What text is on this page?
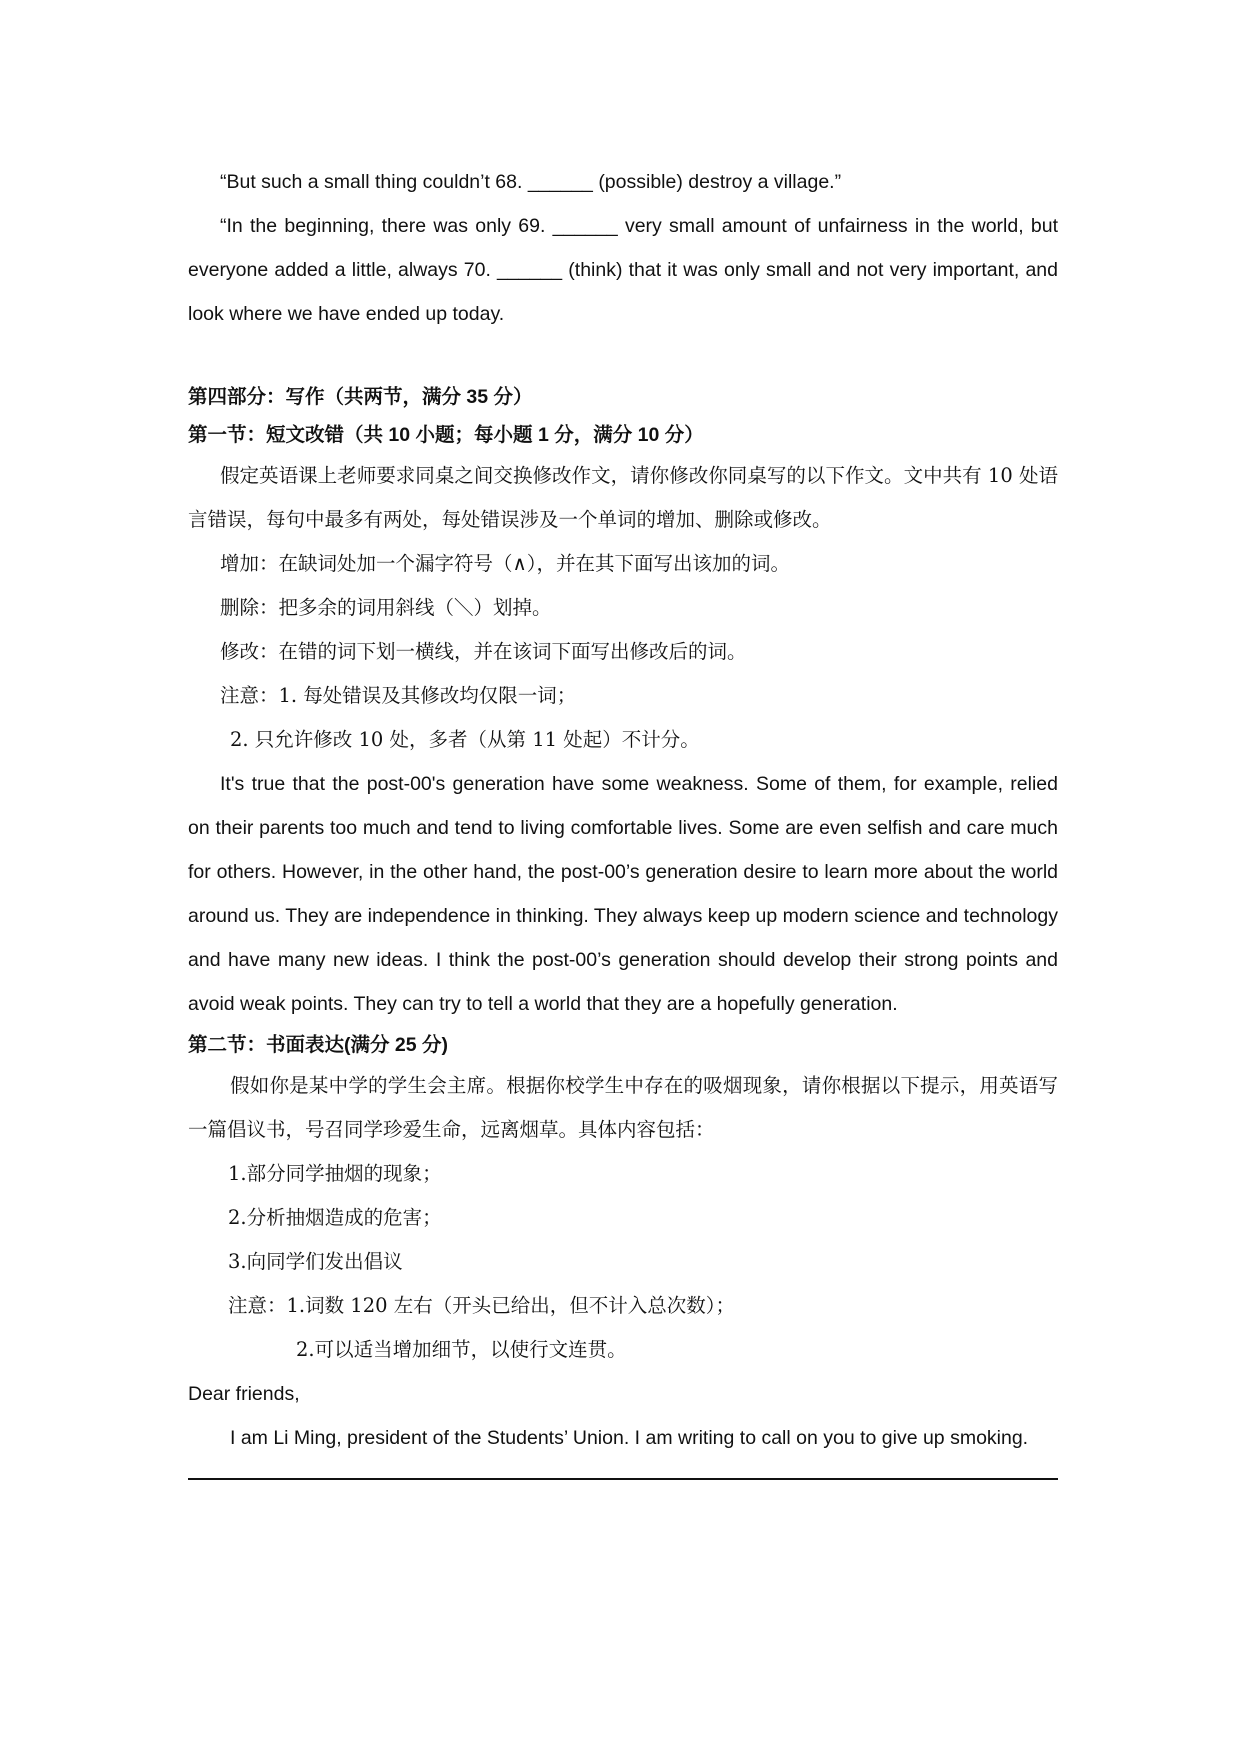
“But such a small thing couldn’t 68. ______ (possible) destroy a village.”

“In the beginning, there was only 69. ______ very small amount of unfairness in the world, but everyone added a little, always 70. ______ (think) that it was only small and not very important, and look where we have ended up today.

第四部分：写作（共两节，满分 35 分）

第一节：短文改错（共 10 小题；每小题 1 分，满分 10 分）

假定英语课上老师要求同桌之间交换修改作文，请你修改你同桌写的以下作文。文中共有 10 处语言错误，每句中最多有两处，每处错误涉及一个单词的增加、删除或修改。

增加：在缺词处加一个漏字符号（∧），并在其下面写出该加的词。

删除：把多余的词用斜线（＼）划掉。

修改：在错的词下划一横线，并在该词下面写出修改后的词。

注意：1. 每处错误及其修改均仅限一词；

2. 只允许修改 10 处，多者（从第 11 处起）不计分。

It's true that the post-00's generation have some weakness. Some of them, for example, relied on their parents too much and tend to living comfortable lives. Some are even selfish and care much for others. However, in the other hand, the post-00’s generation desire to learn more about the world around us. They are independence in thinking. They always keep up modern science and technology and have many new ideas. I think the post-00’s generation should develop their strong points and avoid weak points. They can try to tell a world that they are a hopefully generation.

第二节：书面表达(满分 25 分)

假如你是某中学的学生会主席。根据你校学生中存在的吸烟现象，请你根据以下提示，用英语写一篇倡议书，号召同学珍爱生命，远离烟草。具体内容包括：

1.部分同学抽烟的现象；

2.分析抽烟造成的危害；

3.向同学们发出倡议

注意：1.词数 120 左右（开头已给出，但不计入总次数）；

2.可以适当增加细节，以使行文连贯。

Dear friends,

I am Li Ming, president of the Students’ Union. I am writing to call on you to give up smoking.
